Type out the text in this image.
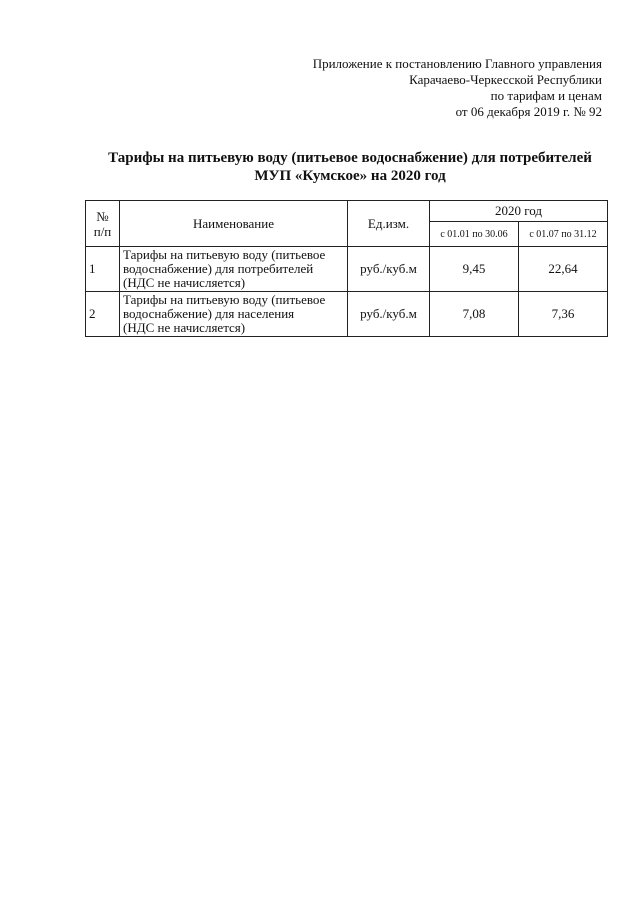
Приложение к постановлению Главного управления
Карачаево-Черкесской Республики
по тарифам и ценам
от 06 декабря 2019 г. № 92
Тарифы на питьевую воду (питьевое водоснабжение) для потребителей
МУП «Кумское» на 2020 год
№
п/п	Наименование	Ед.изм.	2020 год	
			с 01.01 по 30.06	с 01.07 по 31.12
1	Тарифы на питьевую воду (питьевое
водоснабжение) для потребителей
(НДС не начисляется)	руб./куб.м	9,45	22,64
2	Тарифы на питьевую воду (питьевое
водоснабжение) для населения
(НДС не начисляется)	руб./куб.м	7,08	7,36
